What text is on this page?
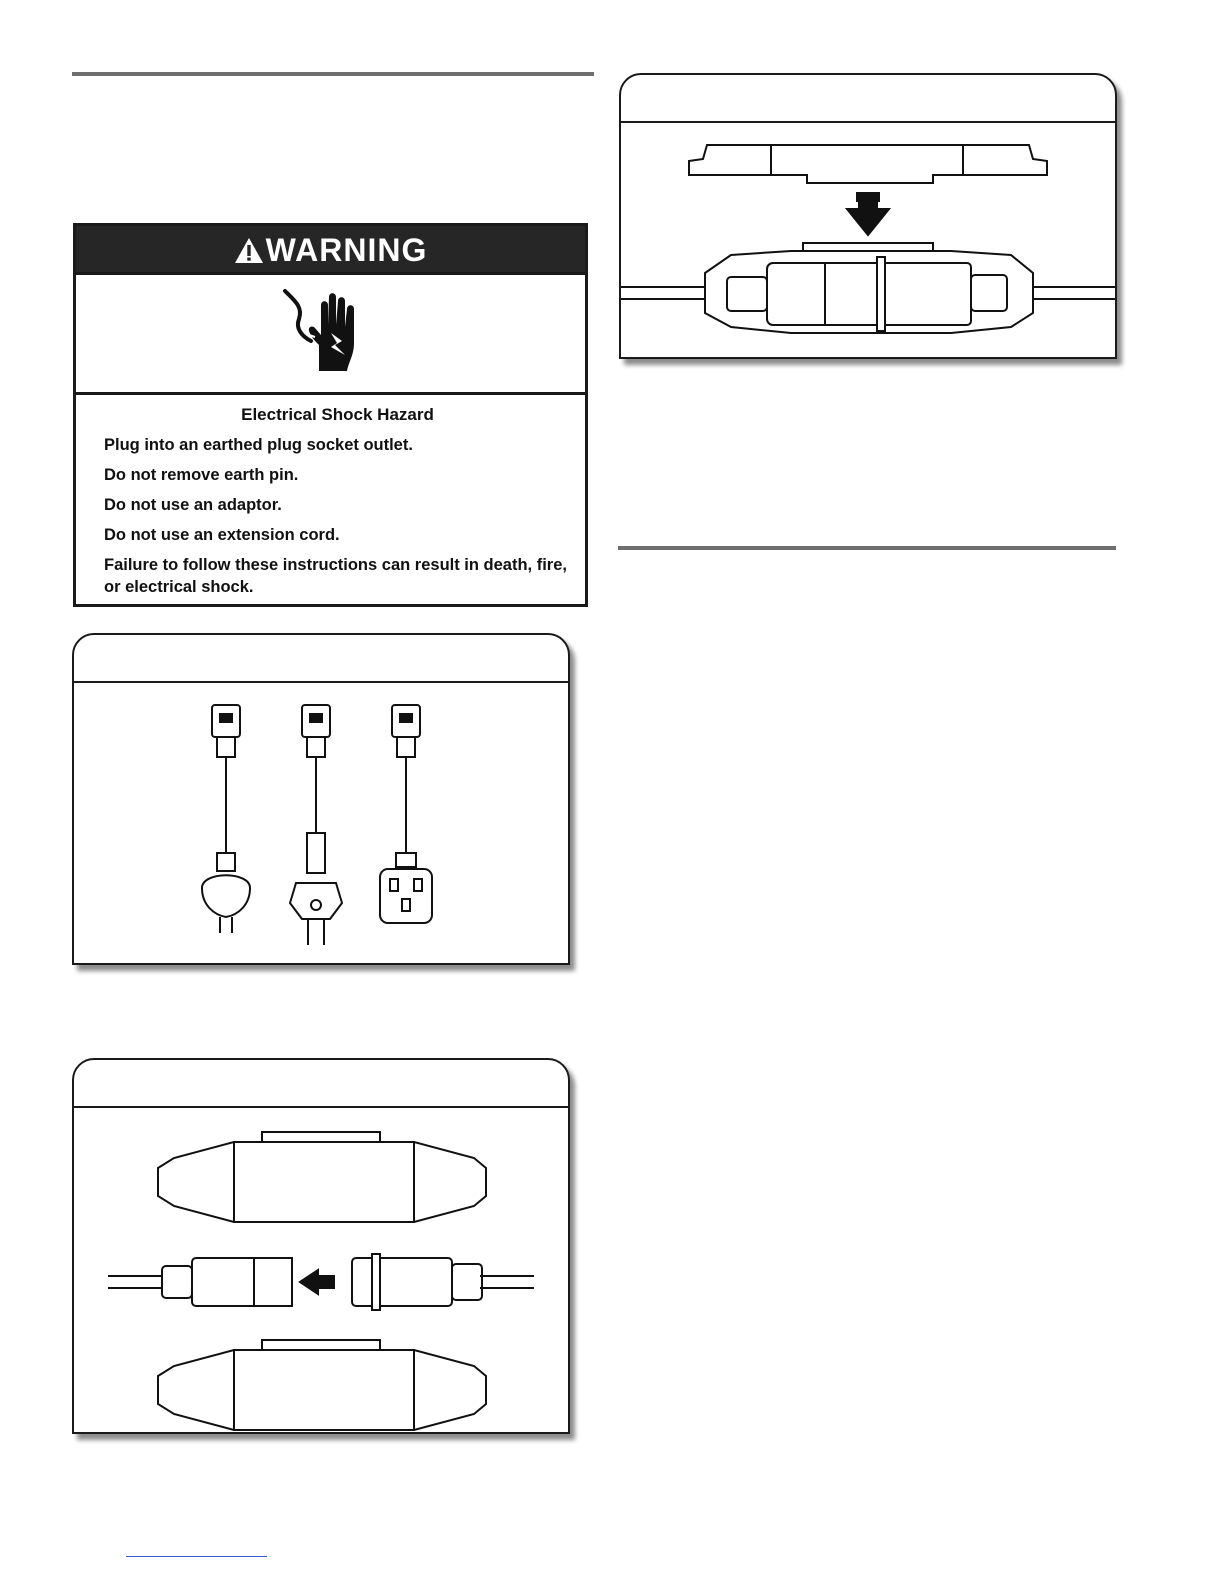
WARNING
Electrical Shock Hazard

Plug into an earthed plug socket outlet.

Do not remove earth pin.

Do not use an adaptor.

Do not use an extension cord.

Failure to follow these instructions can result in death, fire, or electrical shock.
